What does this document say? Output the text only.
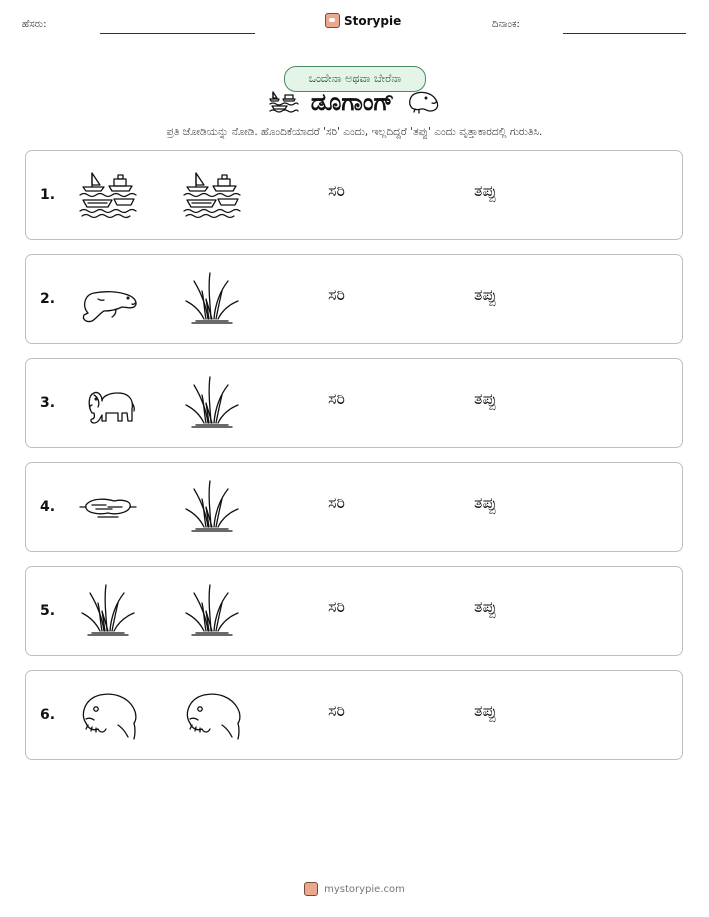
ಹೆಸರು:	Storypie	ದಿನಾಂಕ:
ಒಂದೇನಾ ಅಥವಾ ಬೇರೆನಾ
ಡೂಗಾಂಗ್
ಪ್ರತಿ ಜೋಡಿಯನ್ನು ನೋಡಿ. ಹೊಂದಿಕೆಯಾದರೆ 'ಸರಿ' ಎಂದು, ಇಲ್ಲದಿದ್ದರೆ 'ತಪ್ಪು' ಎಂದು ವೃತ್ತಾಕಾರದಲ್ಲಿ ಗುರುತಿಸಿ.
1.	ಸರಿ	ತಪ್ಪು
2.	ಸರಿ	ತಪ್ಪು
3.	ಸರಿ	ತಪ್ಪು
4.	ಸರಿ	ತಪ್ಪು
5.	ಸರಿ	ತಪ್ಪು
6.	ಸರಿ	ತಪ್ಪು
mystorypie.com
